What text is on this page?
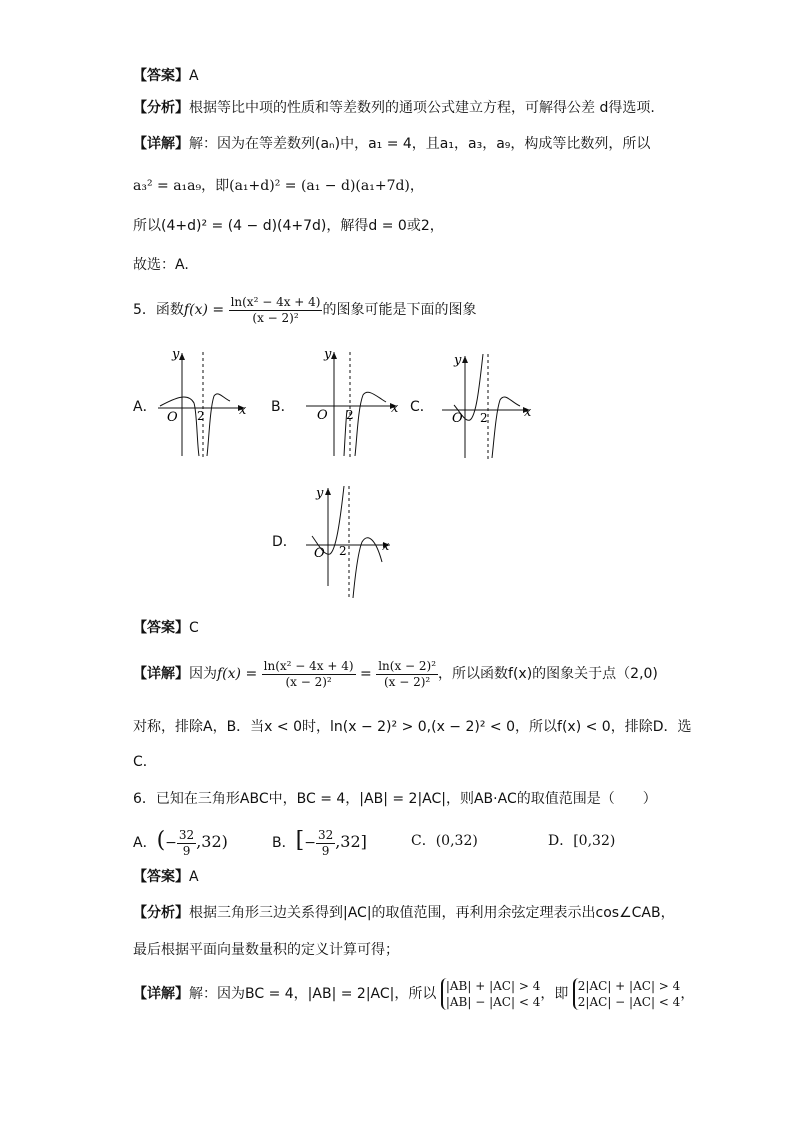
【答案】A
【分析】根据等比中项的性质和等差数列的通项公式建立方程，可解得公差 d得选项.
【详解】解：因为在等差数列(aₙ)中，a₁ = 4，且a₁，a₃，a₉，构成等比数列，所以
a₃² = a₁a₉，即(a₁+d)² = (a₁ − d)(a₁+7d)，
所以(4+d)² = (4 − d)(4+7d)，解得d = 0或2，
故选：A.
5．函数$f(x) = \frac{\text{ln(x² − 4x + 4)}}{\text{(x − 2)²}}$ 的图象可能是下面的图象
A．	B．	C．
D．
O 2	x
y
O 2	x
y
O 2	x
y
O 2	x
y
【答案】C
【详解】因为$f(x) = \frac{\text{ln(x² − 4x + 4)}}{\text{(x − 2)²}} = \frac{\text{ln(x − 2)²}}{\text{(x − 2)²}}$ ，所以函数f(x)的图象关于点（2,0)
对称，排除A，B．当x < 0时，ln(x − 2)² > 0,(x − 2)² < 0，所以f(x) < 0，排除D．选
C．
6．已知在三角形ABC中，BC = 4，|AB| = 2|AC|，则AB·AC的取值范围是（　　）
A．(− $\frac{32}{9} ,32$)	B．[− $\frac{32}{9} ,32$]	C．(0,32)	D．[0,32)
【答案】A
【分析】根据三角形三边关系得到|AC|的取值范围，再利用余弦定理表示出cos∠CAB，
最后根据平面向量数量积的定义计算可得；
【详解】解：因为BC = 4，|AB| = 2|AC|，所以 |AB| + |AC| > 4
|AB| − |AC| < 4 ，即 2|AC| + |AC| > 4
2|AC| − |AC| < 4 ，
